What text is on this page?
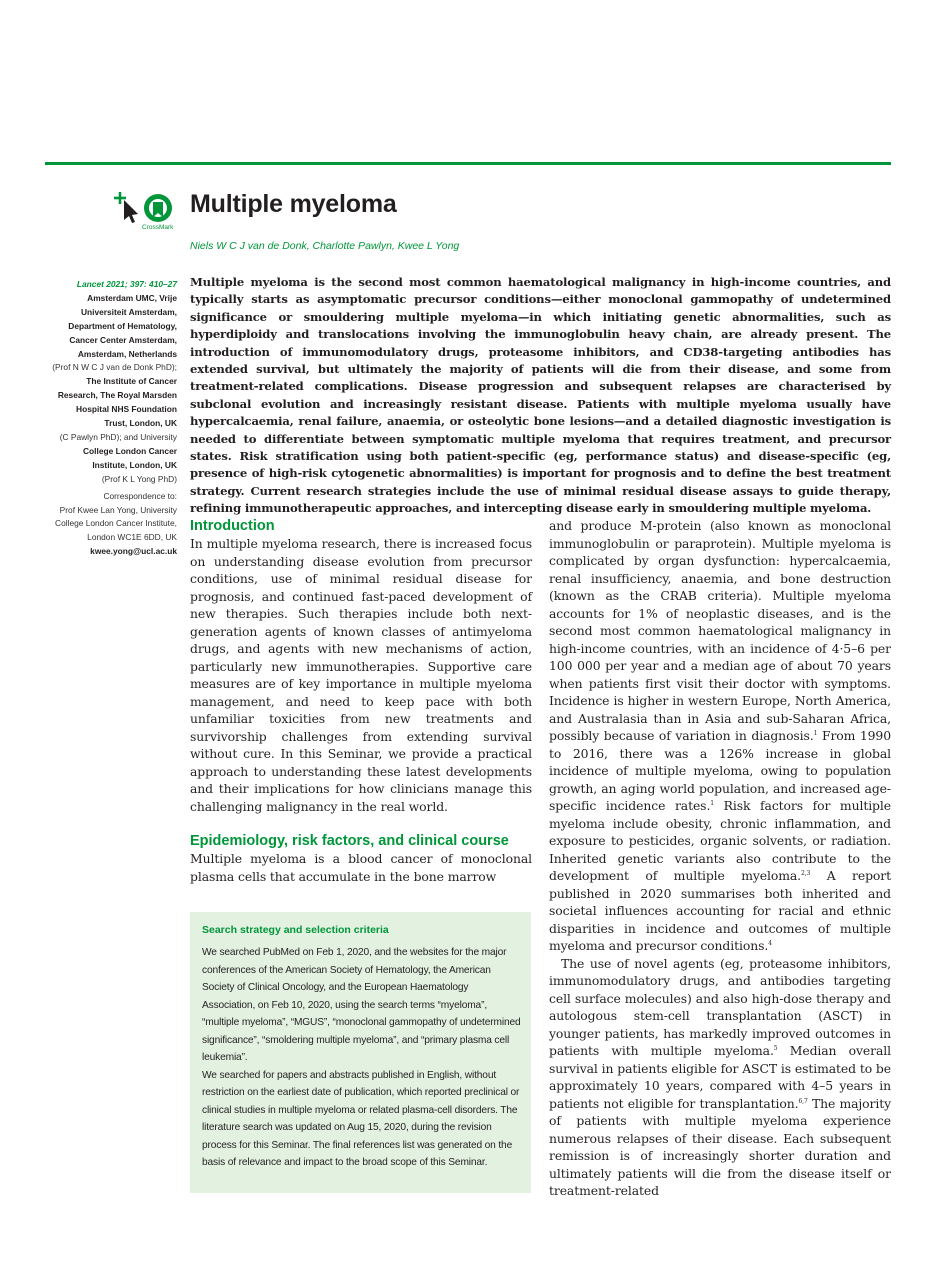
CrossMark
Multiple myeloma
Niels W C J van de Donk, Charlotte Pawlyn, Kwee L Yong
Lancet 2021; 397: 410–27
Amsterdam UMC, Vrije
Universiteit Amsterdam,
Department of Hematology,
Cancer Center Amsterdam,
Amsterdam, Netherlands
(Prof N W C J van de Donk PhD);
The Institute of Cancer
Research, The Royal Marsden
Hospital NHS Foundation
Trust, London, UK
(C Pawlyn PhD); and University
College London Cancer
Institute, London, UK
(Prof K L Yong PhD)
Correspondence to:
Prof Kwee Lan Yong, University
College London Cancer Institute,
London WC1E 6DD, UK
kwee.yong@ucl.ac.uk

Multiple myeloma is the second most common haematological malignancy in high-income countries, and typically starts as asymptomatic precursor conditions—either monoclonal gammopathy of undetermined significance or smouldering multiple myeloma—in which initiating genetic abnormalities, such as hyperdiploidy and translocations involving the immunoglobulin heavy chain, are already present. The introduction of immunomodulatory drugs, proteasome inhibitors, and CD38-targeting antibodies has extended survival, but ultimately the majority of patients will die from their disease, and some from treatment-related complications. Disease progression and subsequent relapses are characterised by subclonal evolution and increasingly resistant disease. Patients with multiple myeloma usually have hypercalcaemia, renal failure, anaemia, or osteolytic bone lesions—and a detailed diagnostic investigation is needed to differentiate between symptomatic multiple myeloma that requires treatment, and precursor states. Risk stratification using both patient-specific (eg, performance status) and disease-specific (eg, presence of high-risk cytogenetic abnormalities) is important for prognosis and to define the best treatment strategy. Current research strategies include the use of minimal residual disease assays to guide therapy, refining immunotherapeutic approaches, and intercepting disease early in smouldering multiple myeloma.

Introduction

In multiple myeloma research, there is increased focus on understanding disease evolution from precursor conditions, use of minimal residual disease for prognosis, and continued fast-paced development of new therapies. Such therapies include both next-generation agents of known classes of antimyeloma drugs, and agents with new mechanisms of action, particularly new immunotherapies. Supportive care measures are of key importance in multiple myeloma management, and need to keep pace with both unfamiliar toxicities from new treatments and survivorship challenges from extending survival without cure. In this Seminar, we provide a practical approach to understanding these latest developments and their implications for how clinicians manage this challenging malignancy in the real world.

Epidemiology, risk factors, and clinical course

Multiple myeloma is a blood cancer of monoclonal plasma cells that accumulate in the bone marrow

Search strategy and selection criteria

We searched PubMed on Feb 1, 2020, and the websites for the major conferences of the American Society of Hematology, the American Society of Clinical Oncology, and the European Haematology Association, on Feb 10, 2020, using the search terms “myeloma”, “multiple myeloma”, “MGUS”, “monoclonal gammopathy of undetermined significance”, “smoldering multiple myeloma”, and “primary plasma cell leukemia”.

We searched for papers and abstracts published in English, without restriction on the earliest date of publication, which reported preclinical or clinical studies in multiple myeloma or related plasma-cell disorders. The literature search was updated on Aug 15, 2020, during the revision process for this Seminar. The final references list was generated on the basis of relevance and impact to the broad scope of this Seminar.

and produce M-protein (also known as monoclonal immunoglobulin or paraprotein). Multiple myeloma is complicated by organ dysfunction: hypercalcaemia, renal insufficiency, anaemia, and bone destruction (known as the CRAB criteria). Multiple myeloma accounts for 1% of neoplastic diseases, and is the second most common haematological malignancy in high-income countries, with an incidence of 4·5–6 per 100 000 per year and a median age of about 70 years when patients first visit their doctor with symptoms. Incidence is higher in western Europe, North America, and Australasia than in Asia and sub-Saharan Africa, possibly because of variation in diagnosis.$^1$ From 1990 to 2016, there was a 126% increase in global incidence of multiple myeloma, owing to population growth, an aging world population, and increased age-specific incidence rates.$^1$ Risk factors for multiple myeloma include obesity, chronic inflammation, and exposure to pesticides, organic solvents, or radiation. Inherited genetic variants also contribute to the development of multiple myeloma.$^{2,3}$ A report published in 2020 summarises both inherited and societal influences accounting for racial and ethnic disparities in incidence and outcomes of multiple myeloma and precursor conditions.$^4$

The use of novel agents (eg, proteasome inhibitors, immunomodulatory drugs, and antibodies targeting cell surface molecules) and also high-dose therapy and autologous stem-cell transplantation (ASCT) in younger patients, has markedly improved outcomes in patients with multiple myeloma.$^5$ Median overall survival in patients eligible for ASCT is estimated to be approximately 10 years, compared with 4–5 years in patients not eligible for transplantation.$^{6,7}$ The majority of patients with multiple myeloma experience numerous relapses of their disease. Each subsequent remission is of increasingly shorter duration and ultimately patients will die from the disease itself or treatment-related
